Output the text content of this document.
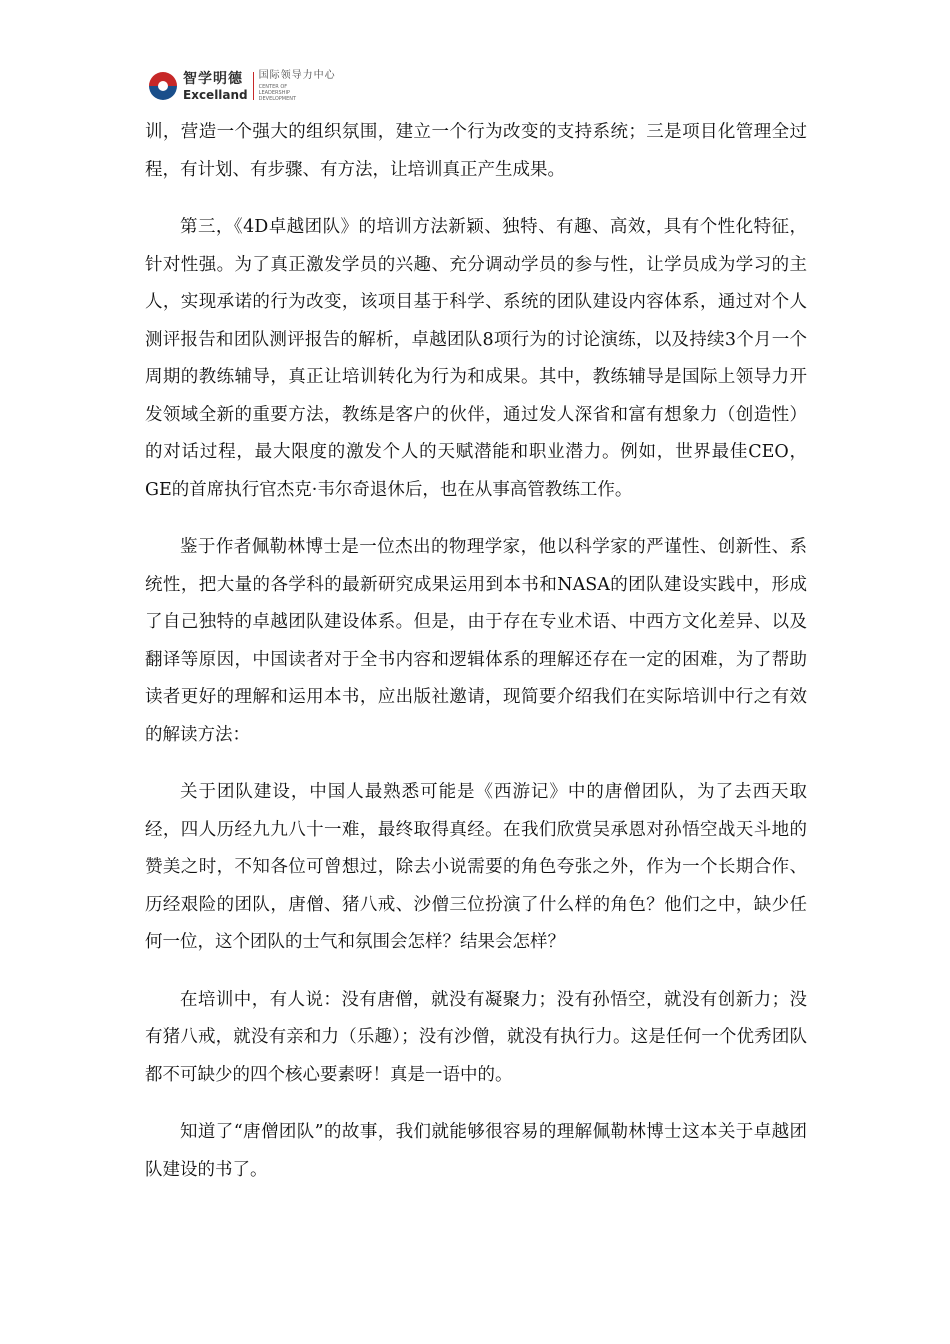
智学明德
Excelland
国际领导力中心
CENTER OF LEADERSHIP DEVELOPMENT

训，营造一个强大的组织氛围，建立一个行为改变的支持系统；三是项目化管理全过程，有计划、有步骤、有方法，让培训真正产生成果。

第三，《4D卓越团队》的培训方法新颖、独特、有趣、高效，具有个性化特征，针对性强。为了真正激发学员的兴趣、充分调动学员的参与性，让学员成为学习的主人，实现承诺的行为改变，该项目基于科学、系统的团队建设内容体系，通过对个人测评报告和团队测评报告的解析，卓越团队8项行为的讨论演练，以及持续3个月一个周期的教练辅导，真正让培训转化为行为和成果。其中，教练辅导是国际上领导力开发领域全新的重要方法，教练是客户的伙伴，通过发人深省和富有想象力（创造性）的对话过程，最大限度的激发个人的天赋潜能和职业潜力。例如，世界最佳CEO，GE的首席执行官杰克·韦尔奇退休后，也在从事高管教练工作。

鉴于作者佩勒林博士是一位杰出的物理学家，他以科学家的严谨性、创新性、系统性，把大量的各学科的最新研究成果运用到本书和NASA的团队建设实践中，形成了自己独特的卓越团队建设体系。但是，由于存在专业术语、中西方文化差异、以及翻译等原因，中国读者对于全书内容和逻辑体系的理解还存在一定的困难，为了帮助读者更好的理解和运用本书，应出版社邀请，现简要介绍我们在实际培训中行之有效的解读方法：

关于团队建设，中国人最熟悉可能是《西游记》中的唐僧团队，为了去西天取经，四人历经九九八十一难，最终取得真经。在我们欣赏吴承恩对孙悟空战天斗地的赞美之时，不知各位可曾想过，除去小说需要的角色夸张之外，作为一个长期合作、历经艰险的团队，唐僧、猪八戒、沙僧三位扮演了什么样的角色？他们之中，缺少任何一位，这个团队的士气和氛围会怎样？结果会怎样？

在培训中，有人说：没有唐僧，就没有凝聚力；没有孙悟空，就没有创新力；没有猪八戒，就没有亲和力（乐趣）；没有沙僧，就没有执行力。这是任何一个优秀团队都不可缺少的四个核心要素呀！真是一语中的。

知道了“唐僧团队”的故事，我们就能够很容易的理解佩勒林博士这本关于卓越团队建设的书了。
